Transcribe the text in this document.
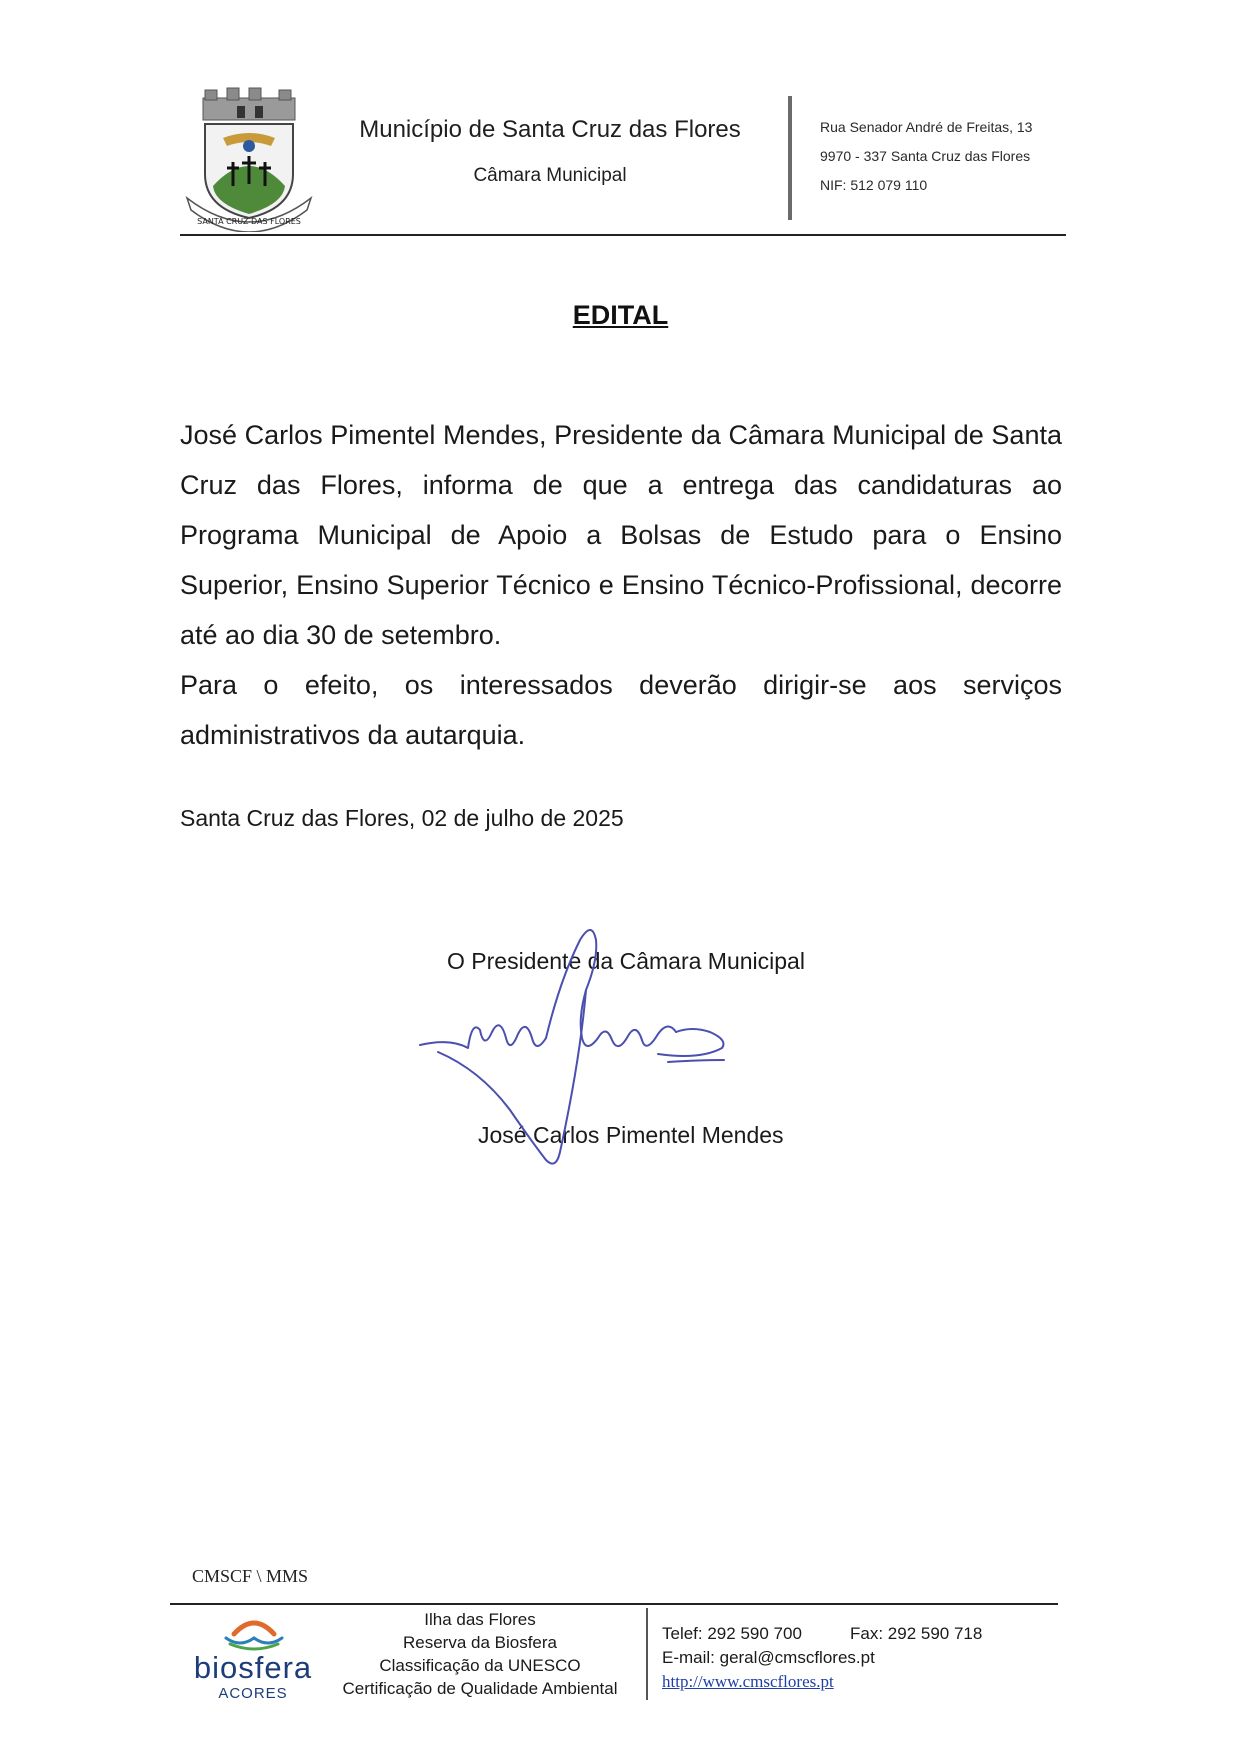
SANTA CRUZ DAS FLORES
Município de Santa Cruz das Flores
Câmara Municipal
Rua Senador André de Freitas, 13
9970 - 337 Santa Cruz das Flores
NIF: 512 079 110
EDITAL
José Carlos Pimentel Mendes, Presidente da Câmara Municipal de Santa Cruz das Flores, informa de que a entrega das candidaturas ao Programa Municipal de Apoio a Bolsas de Estudo para o Ensino Superior, Ensino Superior Técnico e Ensino Técnico-Profissional, decorre até ao dia 30 de setembro.
Para o efeito, os interessados deverão dirigir-se aos serviços administrativos da autarquia.
Santa Cruz das Flores, 02 de julho de 2025
O Presidente da Câmara Municipal
José Carlos Pimentel Mendes
CMSCF \ MMS
biosfera
ACORES
Ilha das Flores
Reserva da Biosfera
Classificação da UNESCO
Certificação de Qualidade Ambiental
Telef: 292 590 700	Fax: 292 590 718
E-mail: geral@cmscflores.pt
http://www.cmscflores.pt
